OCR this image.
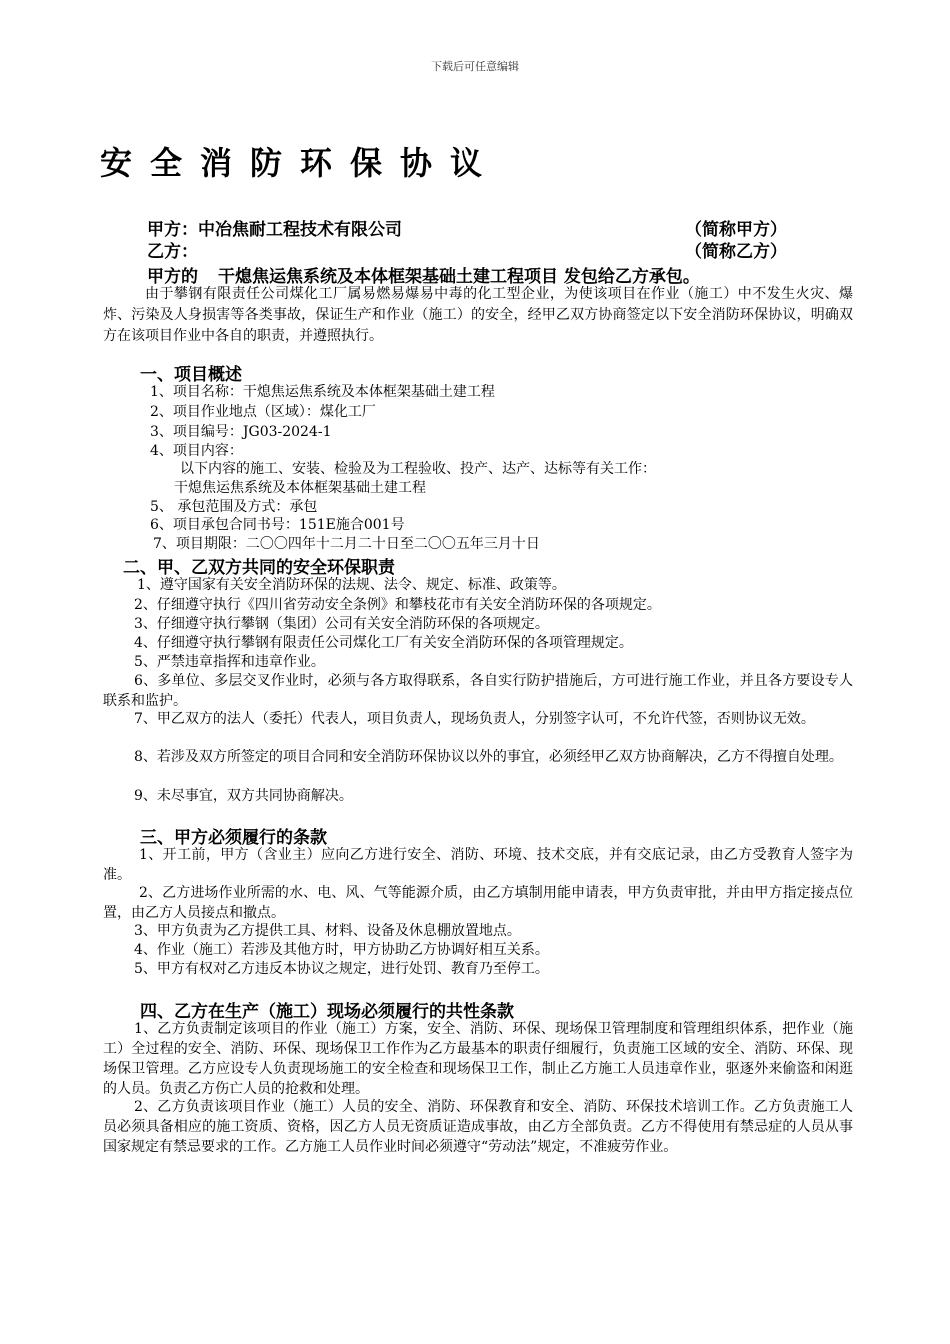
下载后可任意编辑
安全消防环保协议
甲方：中冶焦耐工程技术有限公司	（简称甲方）
乙方：	（简称乙方）
甲方的 干熄焦运焦系统及本体框架基础土建工程项目 发包给乙方承包。
由于攀钢有限责任公司煤化工厂属易燃易爆易中毒的化工型企业，为使该项目在作业（施工）中不发生火灾、爆炸、污染及人身损害等各类事故，保证生产和作业（施工）的安全，经甲乙双方协商签定以下安全消防环保协议，明确双方在该项目作业中各自的职责，并遵照执行。
一、项目概述
1、项目名称：干熄焦运焦系统及本体框架基础土建工程
2、项目作业地点（区域）：煤化工厂
3、项目编号：JG03-2024-1
4、项目内容：
以下内容的施工、安装、检验及为工程验收、投产、达产、达标等有关工作：
干熄焦运焦系统及本体框架基础土建工程
5、 承包范围及方式：承包
6、项目承包合同书号：151E施合001号
7、项目期限：二〇〇四年十二月二十日至二〇〇五年三月十日
二、甲、乙双方共同的安全环保职责
1、遵守国家有关安全消防环保的法规、法令、规定、标准、政策等。
2、仔细遵守执行《四川省劳动安全条例》和攀枝花市有关安全消防环保的各项规定。
3、仔细遵守执行攀钢（集团）公司有关安全消防环保的各项规定。
4、仔细遵守执行攀钢有限责任公司煤化工厂有关安全消防环保的各项管理规定。
5、严禁违章指挥和违章作业。
6、多单位、多层交叉作业时，必须与各方取得联系，各自实行防护措施后，方可进行施工作业，并且各方要设专人联系和监护。
7、甲乙双方的法人（委托）代表人，项目负责人，现场负责人，分别签字认可，不允许代签，否则协议无效。
8、若涉及双方所签定的项目合同和安全消防环保协议以外的事宜，必须经甲乙双方协商解决，乙方不得擅自处理。
9、未尽事宜，双方共同协商解决。
三、甲方必须履行的条款
1、开工前，甲方（含业主）应向乙方进行安全、消防、环境、技术交底，并有交底记录，由乙方受教育人签字为准。
2、乙方进场作业所需的水、电、风、气等能源介质，由乙方填制用能申请表，甲方负责审批，并由甲方指定接点位置，由乙方人员接点和撤点。
3、甲方负责为乙方提供工具、材料、设备及休息棚放置地点。
4、作业（施工）若涉及其他方时，甲方协助乙方协调好相互关系。
5、甲方有权对乙方违反本协议之规定，进行处罚、教育乃至停工。
四、乙方在生产（施工）现场必须履行的共性条款
1、乙方负责制定该项目的作业（施工）方案，安全、消防、环保、现场保卫管理制度和管理组织体系，把作业（施工）全过程的安全、消防、环保、现场保卫工作作为乙方最基本的职责仔细履行，负责施工区域的安全、消防、环保、现场保卫管理。乙方应设专人负责现场施工的安全检查和现场保卫工作，制止乙方施工人员违章作业，驱逐外来偷盗和闲逛的人员。负责乙方伤亡人员的抢救和处理。
2、乙方负责该项目作业（施工）人员的安全、消防、环保教育和安全、消防、环保技术培训工作。乙方负责施工人员必须具备相应的施工资质、资格，因乙方人员无资质证造成事故，由乙方全部负责。乙方不得使用有禁忌症的人员从事国家规定有禁忌要求的工作。乙方施工人员作业时间必须遵守“劳动法”规定，不准疲劳作业。
